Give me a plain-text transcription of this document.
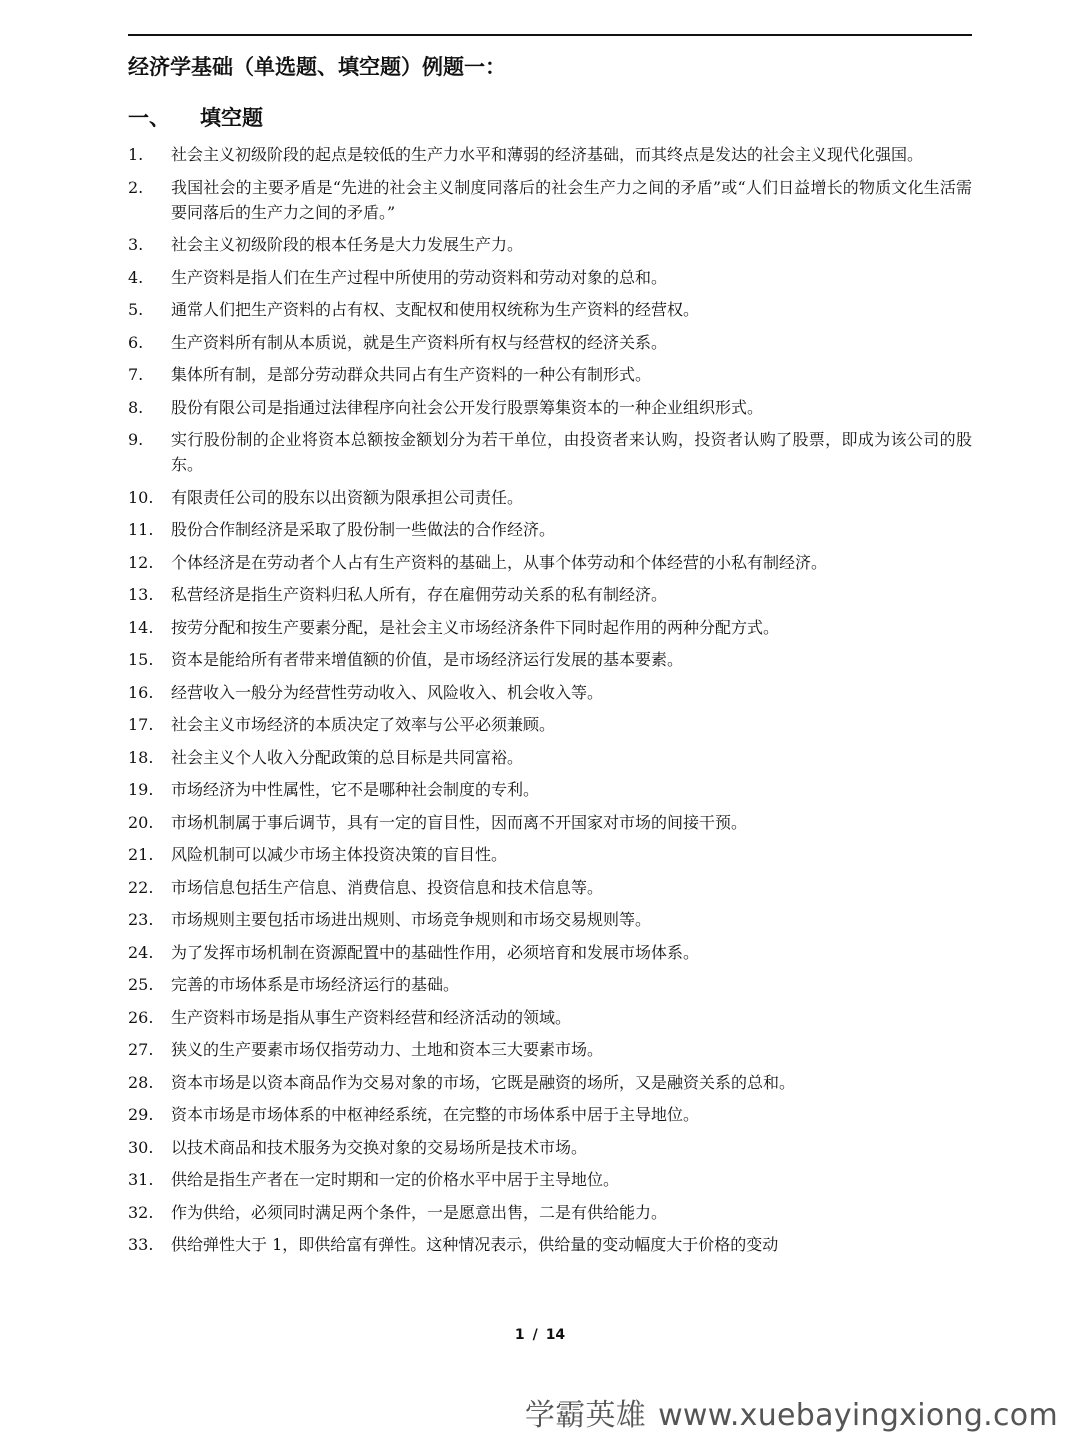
经济学基础（单选题、填空题）例题一：
一、 填空题
1.	社会主义初级阶段的起点是较低的生产力水平和薄弱的经济基础，而其终点是发达的社会主义现代化强国。
2.	我国社会的主要矛盾是“先进的社会主义制度同落后的社会生产力之间的矛盾”或“人们日益增长的物质文化生活需要同落后的生产力之间的矛盾。”
3.	社会主义初级阶段的根本任务是大力发展生产力。
4.	生产资料是指人们在生产过程中所使用的劳动资料和劳动对象的总和。
5.	通常人们把生产资料的占有权、支配权和使用权统称为生产资料的经营权。
6.	生产资料所有制从本质说，就是生产资料所有权与经营权的经济关系。
7.	集体所有制，是部分劳动群众共同占有生产资料的一种公有制形式。
8.	股份有限公司是指通过法律程序向社会公开发行股票筹集资本的一种企业组织形式。
9.	实行股份制的企业将资本总额按金额划分为若干单位，由投资者来认购，投资者认购了股票，即成为该公司的股东。
10.	有限责任公司的股东以出资额为限承担公司责任。
11.	股份合作制经济是采取了股份制一些做法的合作经济。
12.	个体经济是在劳动者个人占有生产资料的基础上，从事个体劳动和个体经营的小私有制经济。
13.	私营经济是指生产资料归私人所有，存在雇佣劳动关系的私有制经济。
14.	按劳分配和按生产要素分配，是社会主义市场经济条件下同时起作用的两种分配方式。
15.	资本是能给所有者带来增值额的价值，是市场经济运行发展的基本要素。
16.	经营收入一般分为经营性劳动收入、风险收入、机会收入等。
17.	社会主义市场经济的本质决定了效率与公平必须兼顾。
18.	社会主义个人收入分配政策的总目标是共同富裕。
19.	市场经济为中性属性，它不是哪种社会制度的专利。
20.	市场机制属于事后调节，具有一定的盲目性，因而离不开国家对市场的间接干预。
21.	风险机制可以减少市场主体投资决策的盲目性。
22.	市场信息包括生产信息、消费信息、投资信息和技术信息等。
23.	市场规则主要包括市场进出规则、市场竞争规则和市场交易规则等。
24.	为了发挥市场机制在资源配置中的基础性作用，必须培育和发展市场体系。
25.	完善的市场体系是市场经济运行的基础。
26.	生产资料市场是指从事生产资料经营和经济活动的领域。
27.	狭义的生产要素市场仅指劳动力、土地和资本三大要素市场。
28.	资本市场是以资本商品作为交易对象的市场，它既是融资的场所，又是融资关系的总和。
29.	资本市场是市场体系的中枢神经系统，在完整的市场体系中居于主导地位。
30.	以技术商品和技术服务为交换对象的交易场所是技术市场。
31.	供给是指生产者在一定时期和一定的价格水平中居于主导地位。
32.	作为供给，必须同时满足两个条件，一是愿意出售，二是有供给能力。
33.	供给弹性大于 1，即供给富有弹性。这种情况表示，供给量的变动幅度大于价格的变动
1 / 14
学霸英雄 www.xuebayingxiong.com
